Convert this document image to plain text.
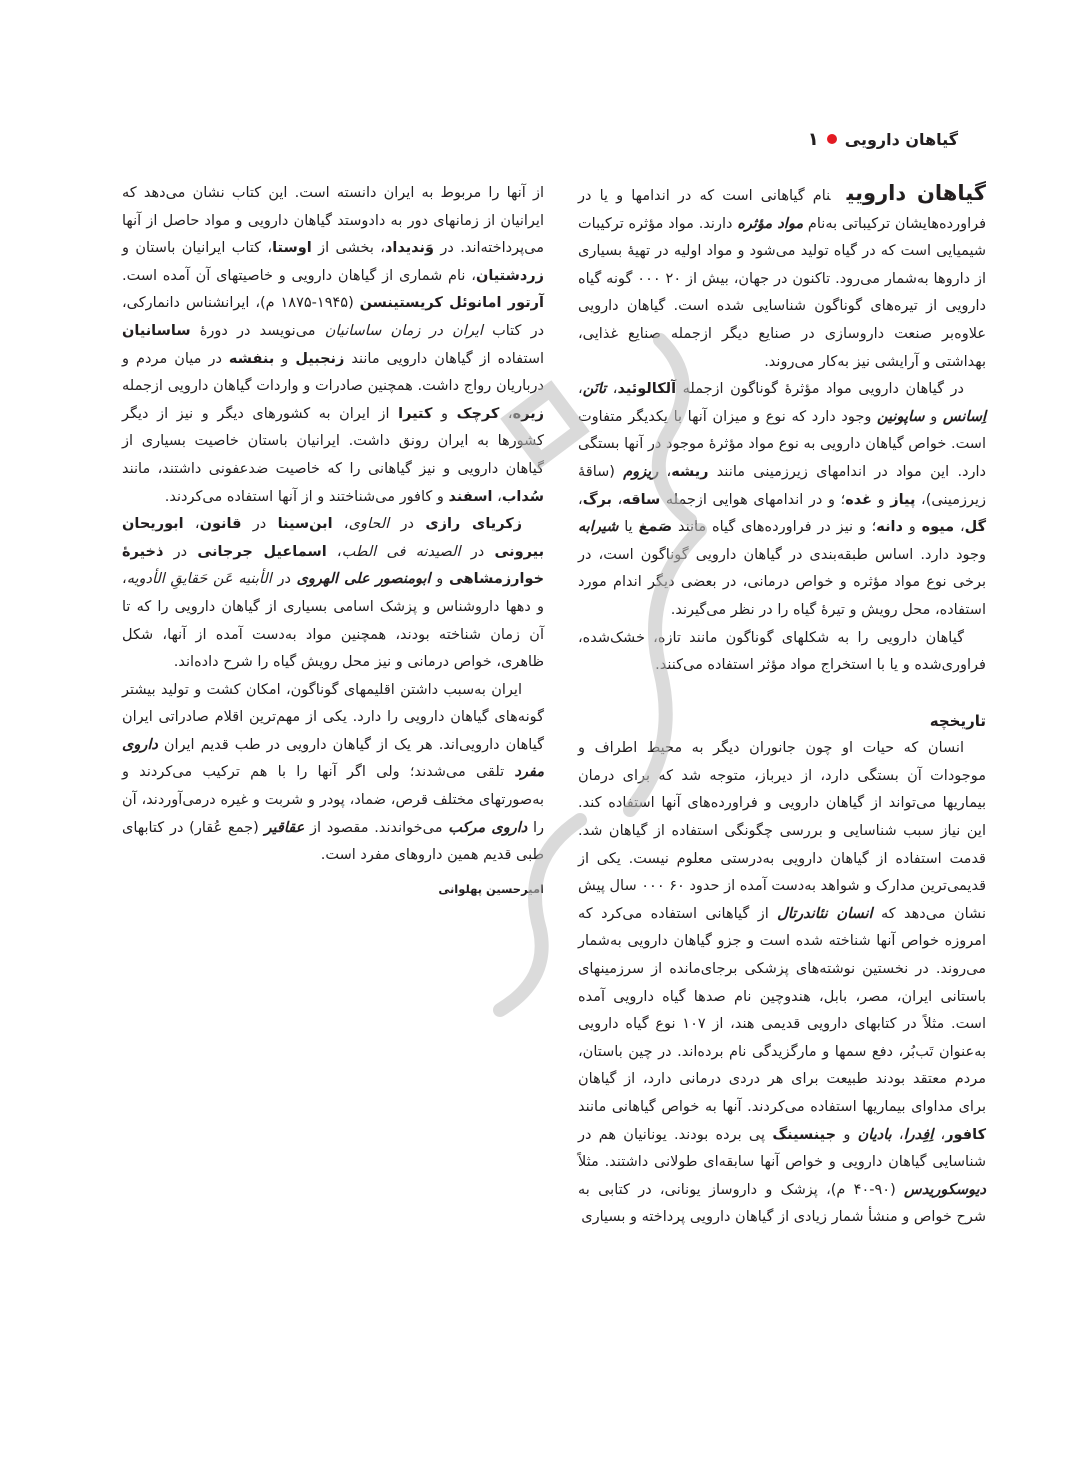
گیاهان دارویی
۱

گیاهان دارویینام گیاهانی است که در اندامها و یا در فراورده‌هایشان ترکیباتی به‌نام مواد مؤثره دارند. مواد مؤثره ترکیبات شیمیایی است که در گیاه تولید می‌شود و مواد اولیه در تهیهٔ بسیاری از داروها به‌شمار می‌رود. تاکنون در جهان، بیش از ۲۰ ۰۰۰ گونه گیاه دارویی از تیره‌های گوناگون شناسایی شده است. گیاهان دارویی علاوه‌بر صنعت داروسازی در صنایع دیگر ازجمله صنایع غذایی، بهداشتی و آرایشی نیز به‌کار می‌روند.

در گیاهان دارویی مواد مؤثرهٔ گوناگون ازجمله آلکالوئید، تانَن، اِسانس و ساپونین وجود دارد که نوع و میزان آنها با یکدیگر متفاوت است. خواص گیاهان دارویی به نوع مواد مؤثرهٔ موجود در آنها بستگی دارد. این مواد در اندامهای زیرزمینی مانند ریشه، ریزوم (ساقهٔ زیرزمینی)، پیاز و غده؛ و در اندامهای هوایی ازجمله ساقه، برگ، گل، میوه و دانه؛ و نیز در فراورده‌های گیاه مانند صَمغ یا شیرابه وجود دارد. اساس طبقه‌بندی در گیاهان دارویی گوناگون است، در برخی نوع مواد مؤثره و خواص درمانی، در بعضی دیگر اندام مورد استفاده، محل رویش و تیرهٔ گیاه را در نظر می‌گیرند.

گیاهان دارویی را به شکلهای گوناگون مانند تازه، خشک‌شده، فراوری‌شده و یا با استخراج مواد مؤثر استفاده می‌کنند.

تاریخچه

انسان که حیات او چون جانوران دیگر به محیط اطراف و موجودات آن بستگی دارد، از دیرباز، متوجه شد که برای درمان بیماریها می‌تواند از گیاهان دارویی و فراورده‌های آنها استفاده کند. این نیاز سبب شناسایی و بررسی چگونگی استفاده از گیاهان شد. قدمت استفاده از گیاهان دارویی به‌درستی معلوم نیست. یکی از قدیمی‌ترین مدارک و شواهد به‌دست آمده از حدود ۶۰ ۰۰۰ سال پیش نشان می‌دهد که انسان نئاندرتال از گیاهانی استفاده می‌کرد که امروزه خواص آنها شناخته شده است و جزو گیاهان دارویی به‌شمار می‌روند. در نخستین نوشته‌های پزشکی برجای‌مانده از سرزمینهای باستانی ایران، مصر، بابل، هندوچین نام صدها گیاه دارویی آمده است. مثلاً در کتابهای دارویی قدیمی هند، از ۱۰۷ نوع گیاه دارویی به‌عنوان تَب‌بُر، دفع سمها و مارگزیدگی نام برده‌اند. در چین باستان، مردم معتقد بودند طبیعت برای هر دردی درمانی دارد، از گیاهان برای مداوای بیماریها استفاده می‌کردند. آنها به خواص گیاهانی مانند کافور، اِفِدرا، بادیان و جینسینگ پی برده بودند. یونانیان هم در شناسایی گیاهان دارویی و خواص آنها سابقه‌ای طولانی داشتند. مثلاً دیوسکوریدس (۹۰-۴۰ م)، پزشک و داروساز یونانی، در کتابی به شرح خواص و منشأ شمار زیادی از گیاهان دارویی پرداخته و بسیاری

از آنها را مربوط به ایران دانسته است. این کتاب نشان می‌دهد که ایرانیان از زمانهای دور به دادوستد گیاهان دارویی و مواد حاصل از آنها می‌پرداخته‌اند. در وَندیداد، بخشی از اوستا، کتاب ایرانیان باستان و زردشتیان، نام شماری از گیاهان دارویی و خاصیتهای آن آمده است. آرتور امانوئل کریستینسن (۱۹۴۵-۱۸۷۵ م)، ایرانشناس دانمارکی، در کتاب ایران در زمان ساسانیان می‌نویسد در دورهٔ ساسانیان استفاده از گیاهان دارویی مانند زنجبیل و بنفشه در میان مردم و درباریان رواج داشت. همچنین صادرات و واردات گیاهان دارویی ازجمله زیره، کرچک و کتیرا از ایران به کشورهای دیگر و نیز از دیگر کشورها به ایران رونق داشت. ایرانیان باستان خاصیت بسیاری از گیاهان دارویی و نیز گیاهانی را که خاصیت ضدعفونی داشتند، مانند سُداب، اسفند و کافور می‌شناختند و از آنها استفاده می‌کردند.

زکریای رازی در الحاوی، ابن‌سینا در قانون، ابوریحان بیرونی در الصیدنه فی الطب، اسماعیل جرجانی در ذخیرهٔ خوارزمشاهی و ابومنصور علی الهروی در الأبنیه عَن حَقایقِ الأدویه، و دهها داروشناس و پزشک اسامی بسیاری از گیاهان دارویی را که تا آن زمان شناخته بودند، همچنین مواد به‌دست آمده از آنها، شکل ظاهری، خواص درمانی و نیز محل رویش گیاه را شرح داده‌اند.

ایران به‌سبب داشتن اقلیمهای گوناگون، امکان کشت و تولید بیشتر گونه‌های گیاهان دارویی را دارد. یکی از مهم‌ترین اقلام صادراتی ایران گیاهان دارویی‌اند. هر یک از گیاهان دارویی در طب قدیم ایران داروی مفرد تلقی می‌شدند؛ ولی اگر آنها را با هم ترکیب می‌کردند و به‌صورتهای مختلف قرص، ضماد، پودر و شربت و غیره درمی‌آوردند، آن را داروی مرکب می‌خواندند. مقصود از عقاقیر (جمع عُقار) در کتابهای طبی قدیم همین داروهای مفرد است.

امیرحسین پهلوانی
